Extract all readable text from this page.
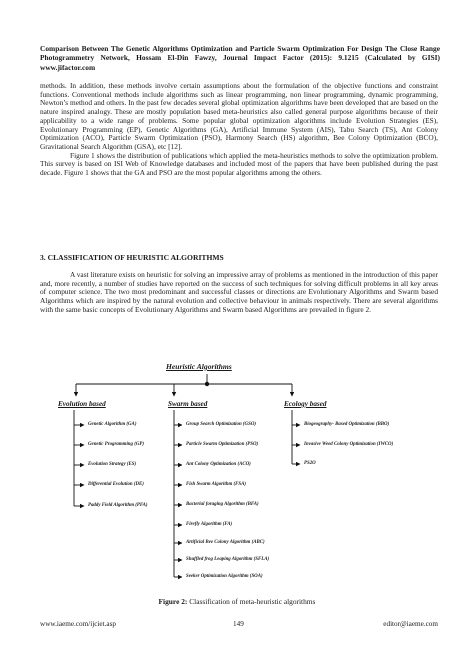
Comparison Between The Genetic Algorithms Optimization and Particle Swarm Optimization For Design The Close Range Photogrammetry Network, Hossam El-Din Fawzy, Journal Impact Factor (2015): 9.1215 (Calculated by GISI) www.jifactor.com

methods. In addition, these methods involve certain assumptions about the formulation of the objective functions and constraint functions. Conventional methods include algorithms such as linear programming, non linear programming, dynamic programming, Newton’s method and others. In the past few decades several global optimization algorithms have been developed that are based on the nature inspired analogy. These are mostly population based meta-heuristics also called general purpose algorithms because of their applicability to a wide range of problems. Some popular global optimization algorithms include Evolution Strategies (ES), Evolutionary Programming (EP), Genetic Algorithms (GA), Artificial Immune System (AIS), Tabu Search (TS), Ant Colony Optimization (ACO), Particle Swarm Optimization (PSO), Harmony Search (HS) algorithm, Bee Colony Optimization (BCO), Gravitational Search Algorithm (GSA), etc [12].

Figure 1 shows the distribution of publications which applied the meta-heuristics methods to solve the optimization problem. This survey is based on ISI Web of Knowledge databases and included most of the papers that have been published during the past decade. Figure 1 shows that the GA and PSO are the most popular algorithms among the others.

3. CLASSIFICATION OF HEURISTIC ALGORITHMS

A vast literature exists on heuristic for solving an impressive array of problems as mentioned in the introduction of this paper and, more recently, a number of studies have reported on the success of such techniques for solving difficult problems in all key areas of computer science. The two most predominant and successful classes or directions are Evolutionary Algorithms and Swarm based Algorithms which are inspired by the natural evolution and collective behaviour in animals respectively. There are several algorithms with the same basic concepts of Evolutionary Algorithms and Swarm based Algorithms are prevailed in figure 2.

Heuristic Algorithms
Evolution based	Swarm based	Ecology based
Genetic Algorithm (GA)
Genetic Programming (GP)
Evolution Strategy (ES)
Differential Evolution (DE)
Paddy Field Algorithm (PFA)
Group Search Optimization (GSO)
Particle Swarm Optimization (PSO)
Ant Colony Optimization (ACO)
Fish Swarm Algorithm (FSA)
Bacterial foraging Algorithm (BFA)
Firefly Algorithm (FA)
Artificial Bee Colony Algorithm (ABC)
Shuffled frog Leaping Algorithm (SFLA)
Seeker Optimization Algorithm (SOA)
Biogeography- Based Optimization (BBO)
Invasive Weed Colony Optimization (IWCO)
PS2O
Figure 2: Classification of meta-heuristic algorithms
www.iaeme.com/ijciet.asp	149	editor@iaeme.com
